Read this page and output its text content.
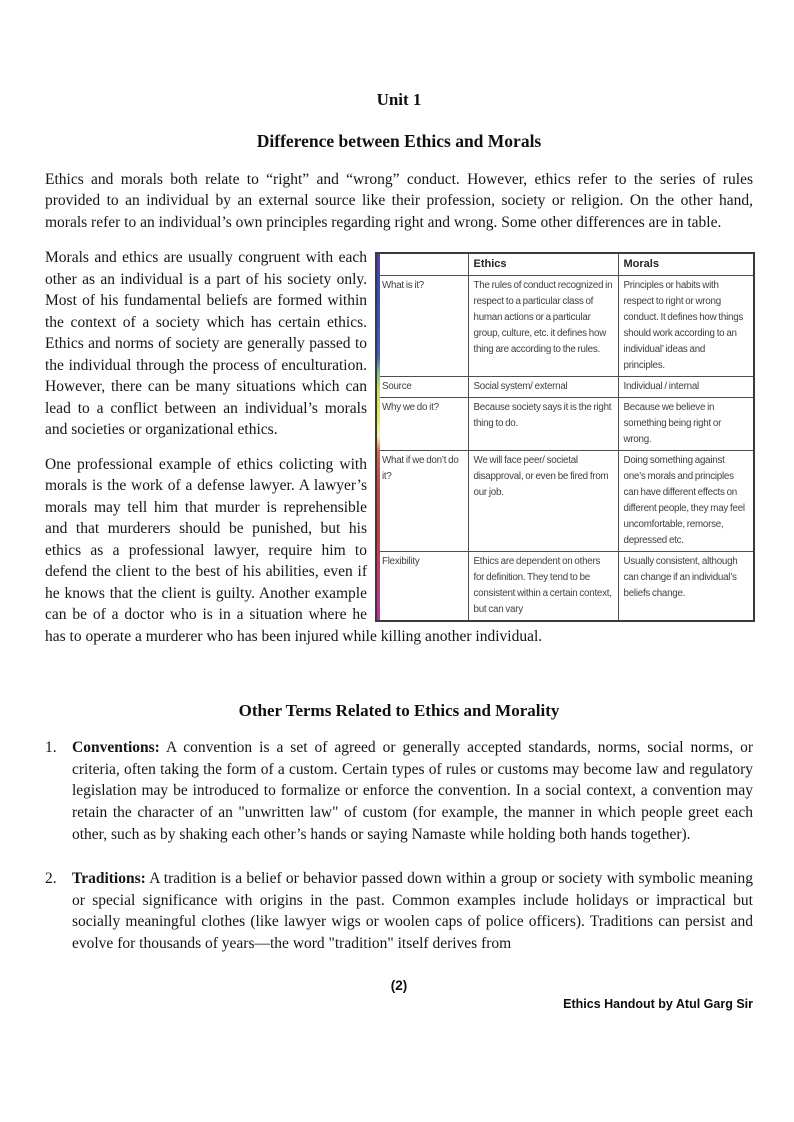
Unit 1
Difference between Ethics and Morals

Ethics and morals both relate to “right” and “wrong” conduct. However, ethics refer to the series of rules provided to an individual by an external source like their profession, society or religion. On the other hand, morals refer to an individual’s own principles regarding right and wrong. Some other differences are in table.

	Ethics	Morals
What is it?	The rules of conduct recognized in respect to a particular class of human actions or a particular group, culture, etc. it defines how thing are according to the rules.	Principles or habits with respect to right or wrong conduct. It defines how things should work according to an individual’ ideas and principles.
Source	Social system/ external	Individual / internal
Why we do it?	Because society says it is the right thing to do.	Because we believe in something being right or wrong.
What if we don’t do it?	We will face peer/ societal disapproval, or even be fired from our job.	Doing something against one’s morals and principles can have different effects on different people, they may feel uncomfortable, remorse, depressed etc.
Flexibility	Ethics are dependent on others for definition. They tend to be consistent within a certain context, but can vary	Usually consistent, although can change if an individual’s beliefs change.

Morals and ethics are usually congruent with each other as an individual is a part of his society only. Most of his fundamental beliefs are formed within the context of a society which has certain ethics. Ethics and norms of society are generally passed to the individual through the process of enculturation. However, there can be many situations which can lead to a conflict between an individual’s morals and societies or organizational ethics.

One professional example of ethics colicting with morals is the work of a defense lawyer. A lawyer’s morals may tell him that murder is reprehensible and that murderers should be punished, but his ethics as a professional lawyer, require him to defend the client to the best of his abilities, even if he knows that the client is guilty. Another example can be of a doctor who is in a situation where he has to operate a murderer who has been injured while killing another individual.

Other Terms Related to Ethics and Morality
1. Conventions: A convention is a set of agreed or generally accepted standards, norms, social norms, or criteria, often taking the form of a custom. Certain types of rules or customs may become law and regulatory legislation may be introduced to formalize or enforce the convention. In a social context, a convention may retain the character of an "unwritten law" of custom (for example, the manner in which people greet each other, such as by shaking each other’s hands or saying Namaste while holding both hands together).

2. Traditions: A tradition is a belief or behavior passed down within a group or society with symbolic meaning or special significance with origins in the past. Common examples include holidays or impractical but socially meaningful clothes (like lawyer wigs or woolen caps of police officers). Traditions can persist and evolve for thousands of years—the word "tradition" itself derives from

(2)
Ethics Handout by Atul Garg Sir
